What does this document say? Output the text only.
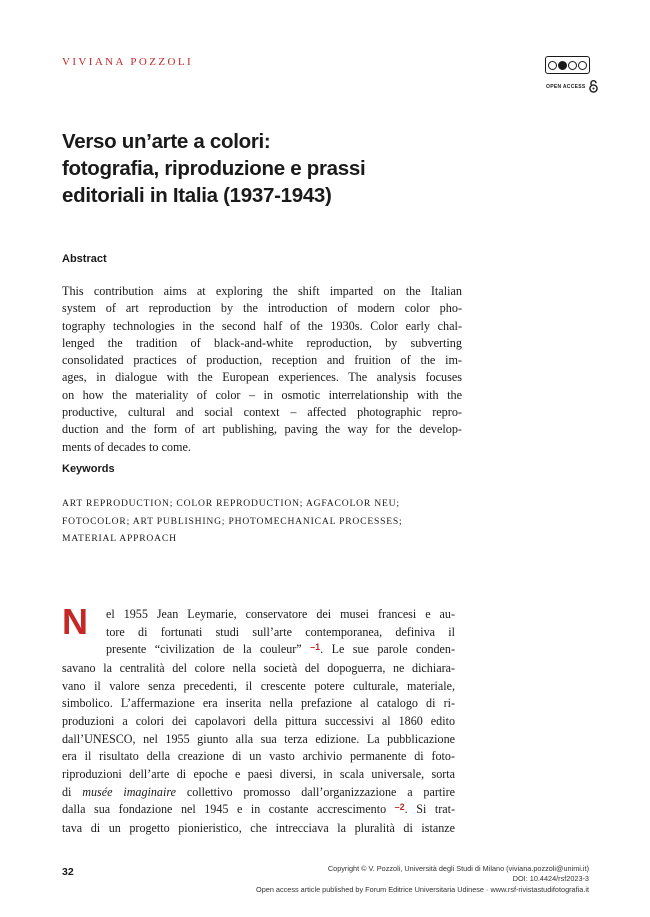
VIVIANA POZZOLI
OPEN ACCESS
Verso un’arte a colori:
fotografia, riproduzione e prassi
editoriali in Italia (1937-1943)
Abstract
This contribution aims at exploring the shift imparted on the Italian
system of art reproduction by the introduction of modern color pho-
tography technologies in the second half of the 1930s. Color early chal-
lenged the tradition of black-and-white reproduction, by subverting
consolidated practices of production, reception and fruition of the im-
ages, in dialogue with the European experiences. The analysis focuses
on how the materiality of color – in osmotic interrelationship with the
productive, cultural and social context – affected photographic repro-
duction and the form of art publishing, paving the way for the develop-
ments of decades to come.
Keywords
ART REPRODUCTION; COLOR REPRODUCTION; AGFACOLOR NEU;
FOTOCOLOR; ART PUBLISHING; PHOTOMECHANICAL PROCESSES;
MATERIAL APPROACH
N	el 1955 Jean Leymarie, conservatore dei musei francesi e au-
tore di fortunati studi sull’arte contemporanea, definiva il
presente “civilization de la couleur” $^{-1}$. Le sue parole conden-
savano la centralità del colore nella società del dopoguerra, ne dichiara-
vano il valore senza precedenti, il crescente potere culturale, materiale,
simbolico. L’affermazione era inserita nella prefazione al catalogo di ri-
produzioni a colori dei capolavori della pittura successivi al 1860 edito
dall’UNESCO, nel 1955 giunto alla sua terza edizione. La pubblicazione
era il risultato della creazione di un vasto archivio permanente di foto-
riproduzioni dell’arte di epoche e paesi diversi, in scala universale, sorta
di musée imaginaire collettivo promosso dall’organizzazione a partire
dalla sua fondazione nel 1945 e in costante accrescimento $^{-2}$. Si trat-
tava di un progetto pionieristico, che intrecciava la pluralità di istanze
32	Copyright © V. Pozzoli, Università degli Studi di Milano (viviana.pozzoli@unimi.it)
DOI: 10.4424/rsf2023-3
Open access article published by Forum Editrice Universitaria Udinese · www.rsf-rivistastudifotografia.it
